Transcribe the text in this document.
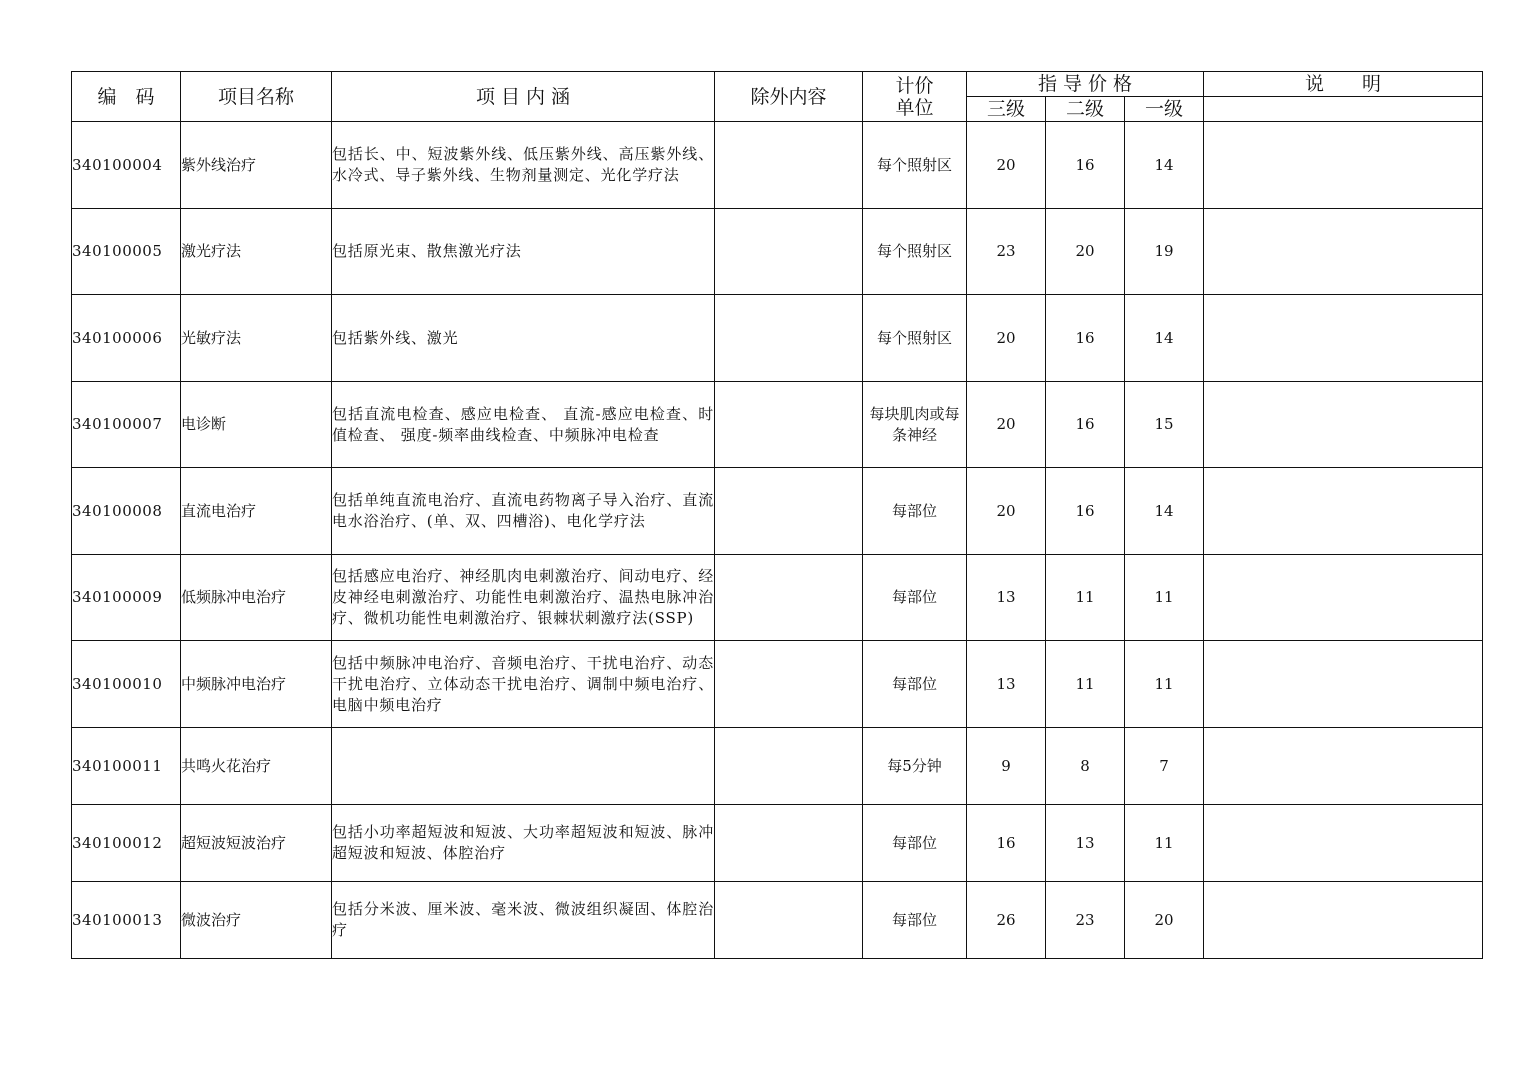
编　码	项目名称	项 目 内 涵	除外内容	计价单位	指 导 价 格			说　　明
					三级	二级	一级	
340100004	紫外线治疗	包括长、中、短波紫外线、低压紫外线、高压紫外线、水冷式、导子紫外线、生物剂量测定、光化学疗法		每个照射区	20	16	14	
340100005	激光疗法	包括原光束、散焦激光疗法		每个照射区	23	20	19	
340100006	光敏疗法	包括紫外线、激光		每个照射区	20	16	14	
340100007	电诊断	包括直流电检查、感应电检查、 直流-感应电检查、时值检查、 强度-频率曲线检查、中频脉冲电检查		每块肌肉或每条神经	20	16	15	
340100008	直流电治疗	包括单纯直流电治疗、直流电药物离子导入治疗、直流电水浴治疗、(单、双、四槽浴)、电化学疗法		每部位	20	16	14	
340100009	低频脉冲电治疗	包括感应电治疗、神经肌肉电刺激治疗、间动电疗、经皮神经电刺激治疗、功能性电刺激治疗、温热电脉冲治疗、微机功能性电刺激治疗、银棘状刺激疗法(SSP)		每部位	13	11	11	
340100010	中频脉冲电治疗	包括中频脉冲电治疗、音频电治疗、干扰电治疗、动态干扰电治疗、立体动态干扰电治疗、调制中频电治疗、电脑中频电治疗		每部位	13	11	11	
340100011	共鸣火花治疗			每5分钟	9	8	7	
340100012	超短波短波治疗	包括小功率超短波和短波、大功率超短波和短波、脉冲超短波和短波、体腔治疗		每部位	16	13	11	
340100013	微波治疗	包括分米波、厘米波、毫米波、微波组织凝固、体腔治疗		每部位	26	23	20	
